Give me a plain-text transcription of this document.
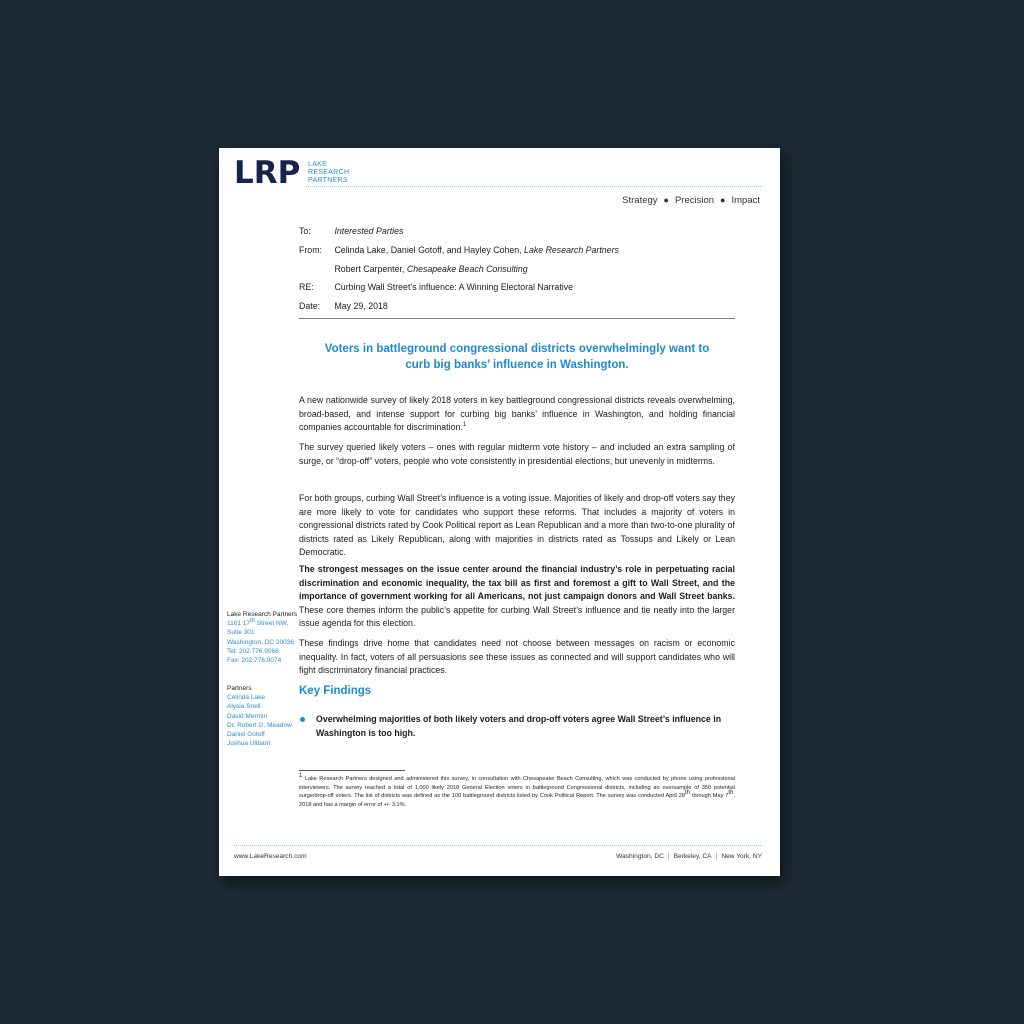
LRP LAKE
RESEARCH
PARTNERS
Strategy ● Precision ● Impact
To:	Interested Parties
From: Celinda Lake, Daniel Gotoff, and Hayley Cohen, Lake Research Partners
Robert Carpenter, Chesapeake Beach Consulting
RE: Curbing Wall Street’s influence: A Winning Electoral Narrative
Date: May 29, 2018
Voters in battleground congressional districts overwhelmingly want to
curb big banks’ influence in Washington.
A new nationwide survey of likely 2018 voters in key battleground congressional districts reveals overwhelming, broad-based, and intense support for curbing big banks’ influence in Washington, and holding financial companies accountable for discrimination.$^1$
The survey queried likely voters – ones with regular midterm vote history – and included an extra sampling of surge, or “drop-off” voters, people who vote consistently in presidential elections, but unevenly in midterms.
For both groups, curbing Wall Street’s influence is a voting issue. Majorities of likely and drop-off voters say they are more likely to vote for candidates who support these reforms. That includes a majority of voters in congressional districts rated by Cook Political report as Lean Republican and a more than two-to-one plurality of districts rated as Likely Republican, along with majorities in districts rated as Tossups and Likely or Lean Democratic.
The strongest messages on the issue center around the financial industry’s role in perpetuating racial discrimination and economic inequality, the tax bill as first and foremost a gift to Wall Street, and the importance of government working for all Americans, not just campaign donors and Wall Street banks. These core themes inform the public’s appetite for curbing Wall Street’s influence and tie neatly into the larger issue agenda for this election.
These findings drive home that candidates need not choose between messages on racism or economic inequality. In fact, voters of all persuasions see these issues as connected and will support candidates who will fight discriminatory financial practices.
Lake Research Partners
1101 17th Street NW,
Suite 301
Washington, DC 20036
Tel: 202.776.9066
Fax: 202.776.9074
Partners
Celinda Lake
Alysia Snell
David Mermin
Dr. Robert G. Meadow
Daniel Gotoff
Joshua Ulibarri
Key Findings
Overwhelming majorities of both likely voters and drop-off voters agree Wall Street’s influence in Washington is too high.
$^1$ Lake Research Partners designed and administered this survey, in consultation with Chesapeake Beach Consulting, which was conducted by phone using professional interviewers. The survey reached a total of 1,000 likely 2018 General Election voters in battleground Congressional districts, including an oversample of 350 potential surge/drop-off voters. The list of districts was defined as the 100 battleground districts listed by Cook Political Report. The survey was conducted April 28th through May 7th, 2018 and has a margin of error of +/- 3.1%.
www.LakeResearch.com	Washington, DC | Berkeley, CA | New York, NY
